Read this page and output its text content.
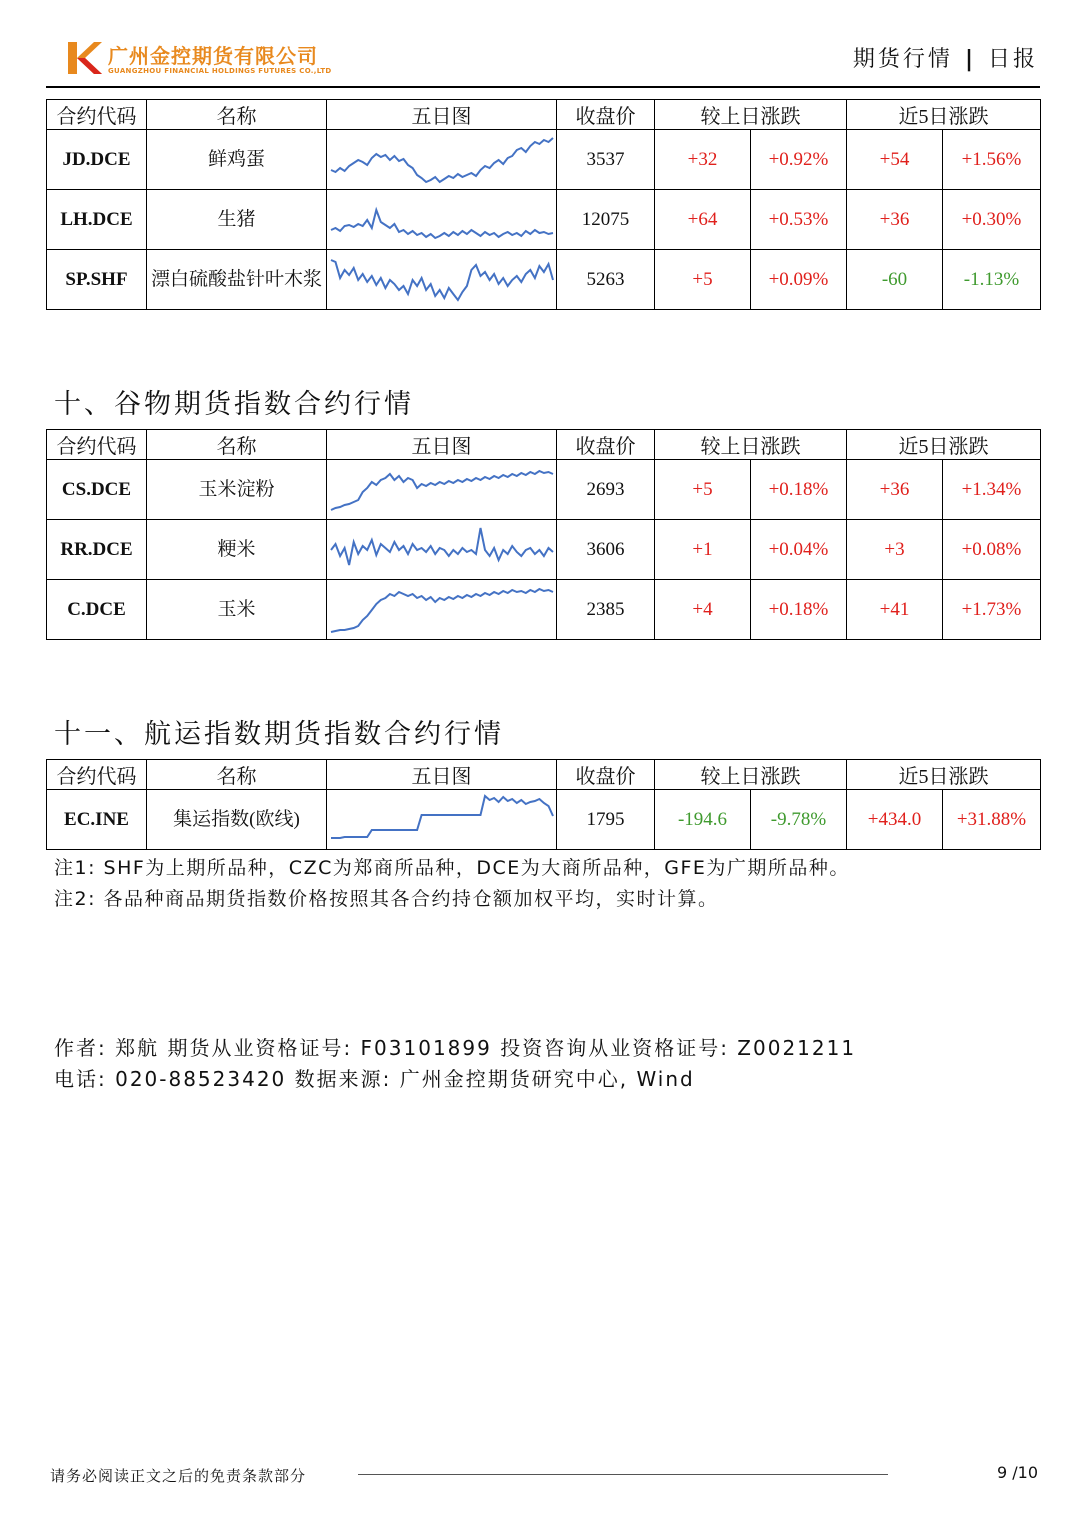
广州金控期货有限公司
GUANGZHOU FINANCIAL HOLDINGS FUTURES CO.,LTD	期货行情 | 日报
合约代码	名称	五日图	收盘价	较上日涨跌		近5日涨跌	
JD.DCE	鲜鸡蛋		3537	+32	+0.92%	+54	+1.56%
LH.DCE	生猪		12075	+64	+0.53%	+36	+0.30%
SP.SHF	漂白硫酸盐针叶木浆		5263	+5	+0.09%	-60	-1.13%
十、谷物期货指数合约行情
合约代码	名称	五日图	收盘价	较上日涨跌		近5日涨跌	
CS.DCE	玉米淀粉		2693	+5	+0.18%	+36	+1.34%
RR.DCE	粳米		3606	+1	+0.04%	+3	+0.08%
C.DCE	玉米		2385	+4	+0.18%	+41	+1.73%
十一、航运指数期货指数合约行情
合约代码	名称	五日图	收盘价	较上日涨跌		近5日涨跌	
EC.INE	集运指数(欧线)		1795	-194.6	-9.78%	+434.0	+31.88%
注1: SHF为上期所品种，CZC为郑商所品种，DCE为大商所品种，GFE为广期所品种。
注2: 各品种商品期货指数价格按照其各合约持仓额加权平均，实时计算。
作者: 郑航 期货从业资格证号: F03101899 投资咨询从业资格证号: Z0021211
电话: 020-88523420 数据来源: 广州金控期货研究中心, Wind
请务必阅读正文之后的免责条款部分	9 /10
